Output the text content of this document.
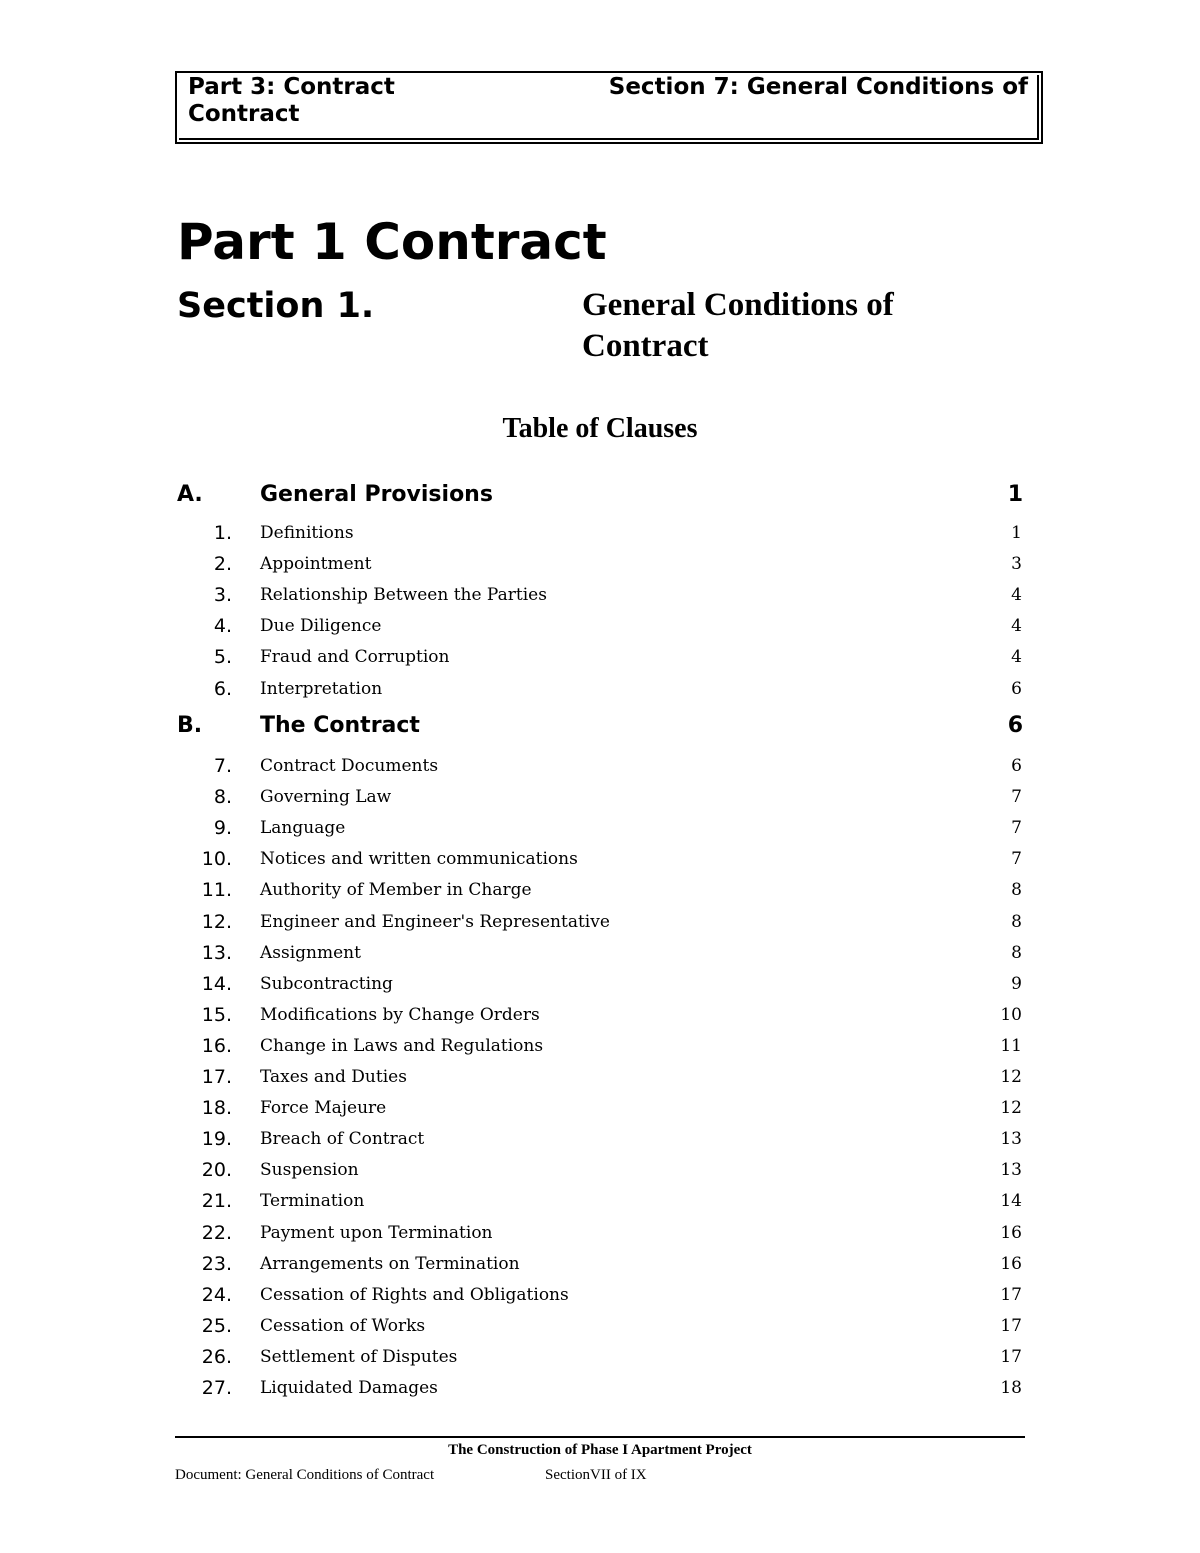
Part 3: Contract	Section 7: General Conditions of
Contract
Part 1 Contract
Section 1.	General Conditions of Contract
Table of Clauses
A.	General Provisions	1
1. Definitions	1
2. Appointment	3
3. Relationship Between the Parties	4
4. Due Diligence	4
5. Fraud and Corruption	4
6. Interpretation	6
B.	The Contract	6
7. Contract Documents	6
8. Governing Law	7
9. Language	7
10. Notices and written communications	7
11. Authority of Member in Charge	8
12. Engineer and Engineer's Representative	8
13. Assignment	8
14. Subcontracting	9
15. Modifications by Change Orders	10
16. Change in Laws and Regulations	11
17. Taxes and Duties	12
18. Force Majeure	12
19. Breach of Contract	13
20. Suspension	13
21. Termination	14
22. Payment upon Termination	16
23. Arrangements on Termination	16
24. Cessation of Rights and Obligations	17
25. Cessation of Works	17
26. Settlement of Disputes	17
27. Liquidated Damages	18
The Construction of Phase I Apartment Project
Document: General Conditions of Contract	SectionVII of IX
